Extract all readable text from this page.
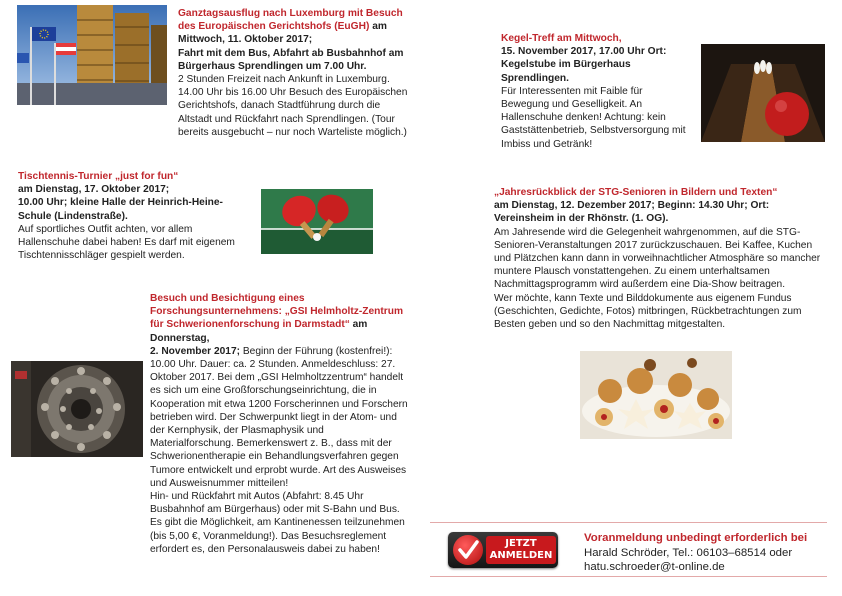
Ganztagsausflug nach Luxemburg mit Besuch des Europäischen Gerichtshofs (EuGH) am Mittwoch, 11. Oktober 2017;
Fahrt mit dem Bus, Abfahrt ab Busbahnhof am Bürgerhaus Sprendlingen um 7.00 Uhr.
2 Stunden Freizeit nach Ankunft in Luxemburg. 14.00 Uhr bis 16.00 Uhr Besuch des Europäischen Gerichtshofs, danach Stadtführung durch die Altstadt und Rückfahrt nach Sprendlingen. (Tour bereits ausgebucht – nur noch Warteliste möglich.)

Tischtennis-Turnier „just for fun“
am Dienstag, 17. Oktober 2017;
10.00 Uhr; kleine Halle der Heinrich-Heine-Schule (Lindenstraße).
Auf sportliches Outfit achten, vor allem Hallenschuhe dabei haben! Es darf mit eigenem Tischtennisschläger gespielt werden.

Besuch und Besichtigung eines Forschungsunternehmens: „GSI Helmholtz-Zentrum für Schwerionenforschung in Darmstadt“ am Donnerstag,
2. November 2017; Beginn der Führung (kostenfrei!): 10.00 Uhr. Dauer: ca. 2 Stunden. Anmeldeschluss: 27. Oktober 2017. Bei dem „GSI Helmholtzzentrum“ handelt es sich um eine Großforschungseinrichtung, die in Kooperation mit etwa 1200 Forscherinnen und Forschern betrieben wird. Der Schwerpunkt liegt in der Atom- und der Kernphysik, der Plasmaphysik und Materialforschung. Bemerkenswert z. B., dass mit der Schwerionentherapie ein Behandlungsverfahren gegen Tumore entwickelt und erprobt wurde. Art des Ausweises und Ausweisnummer mitteilen!
Hin- und Rückfahrt mit Autos (Abfahrt: 8.45 Uhr Busbahnhof am Bürgerhaus) oder mit S-Bahn und Bus. Es gibt die Möglichkeit, am Kantinenessen teilzunehmen (bis 5,00 €, Voranmeldung!). Das Besuchsreglement erfordert es, den Personalausweis dabei zu haben!

Kegel-Treff am Mittwoch,
15. November 2017, 17.00 Uhr Ort: Kegelstube im Bürgerhaus Sprendlingen.
Für Interessenten mit Faible für Bewegung und Geselligkeit. An Hallenschuhe denken! Achtung: kein Gaststättenbetrieb, Selbstversorgung mit Imbiss und Getränk!

„Jahresrückblick der STG-Senioren in Bildern und Texten“
am Dienstag, 12. Dezember 2017; Beginn: 14.30 Uhr; Ort: Vereinsheim in der Rhönstr. (1. OG).
Am Jahresende wird die Gelegenheit wahrgenommen, auf die STG-Senioren-Veranstaltungen 2017 zurückzuschauen. Bei Kaffee, Kuchen und Plätzchen kann dann in vorweihnachtlicher Atmosphäre so mancher muntere Plausch vonstattengehen. Zu einem unterhaltsamen Nachmittagsprogramm wird außerdem eine Dia-Show beitragen.
Wer möchte, kann Texte und Bilddokumente aus eigenem Fundus (Geschichten, Gedichte, Fotos) mitbringen, Rückbetrachtungen zum Besten geben und so den Nachmittag mitgestalten.

JETZT
ANMELDEN
Voranmeldung unbedingt erforderlich bei
Harald Schröder, Tel.: 06103–68514 oder
hatu.schroeder@t-online.de
